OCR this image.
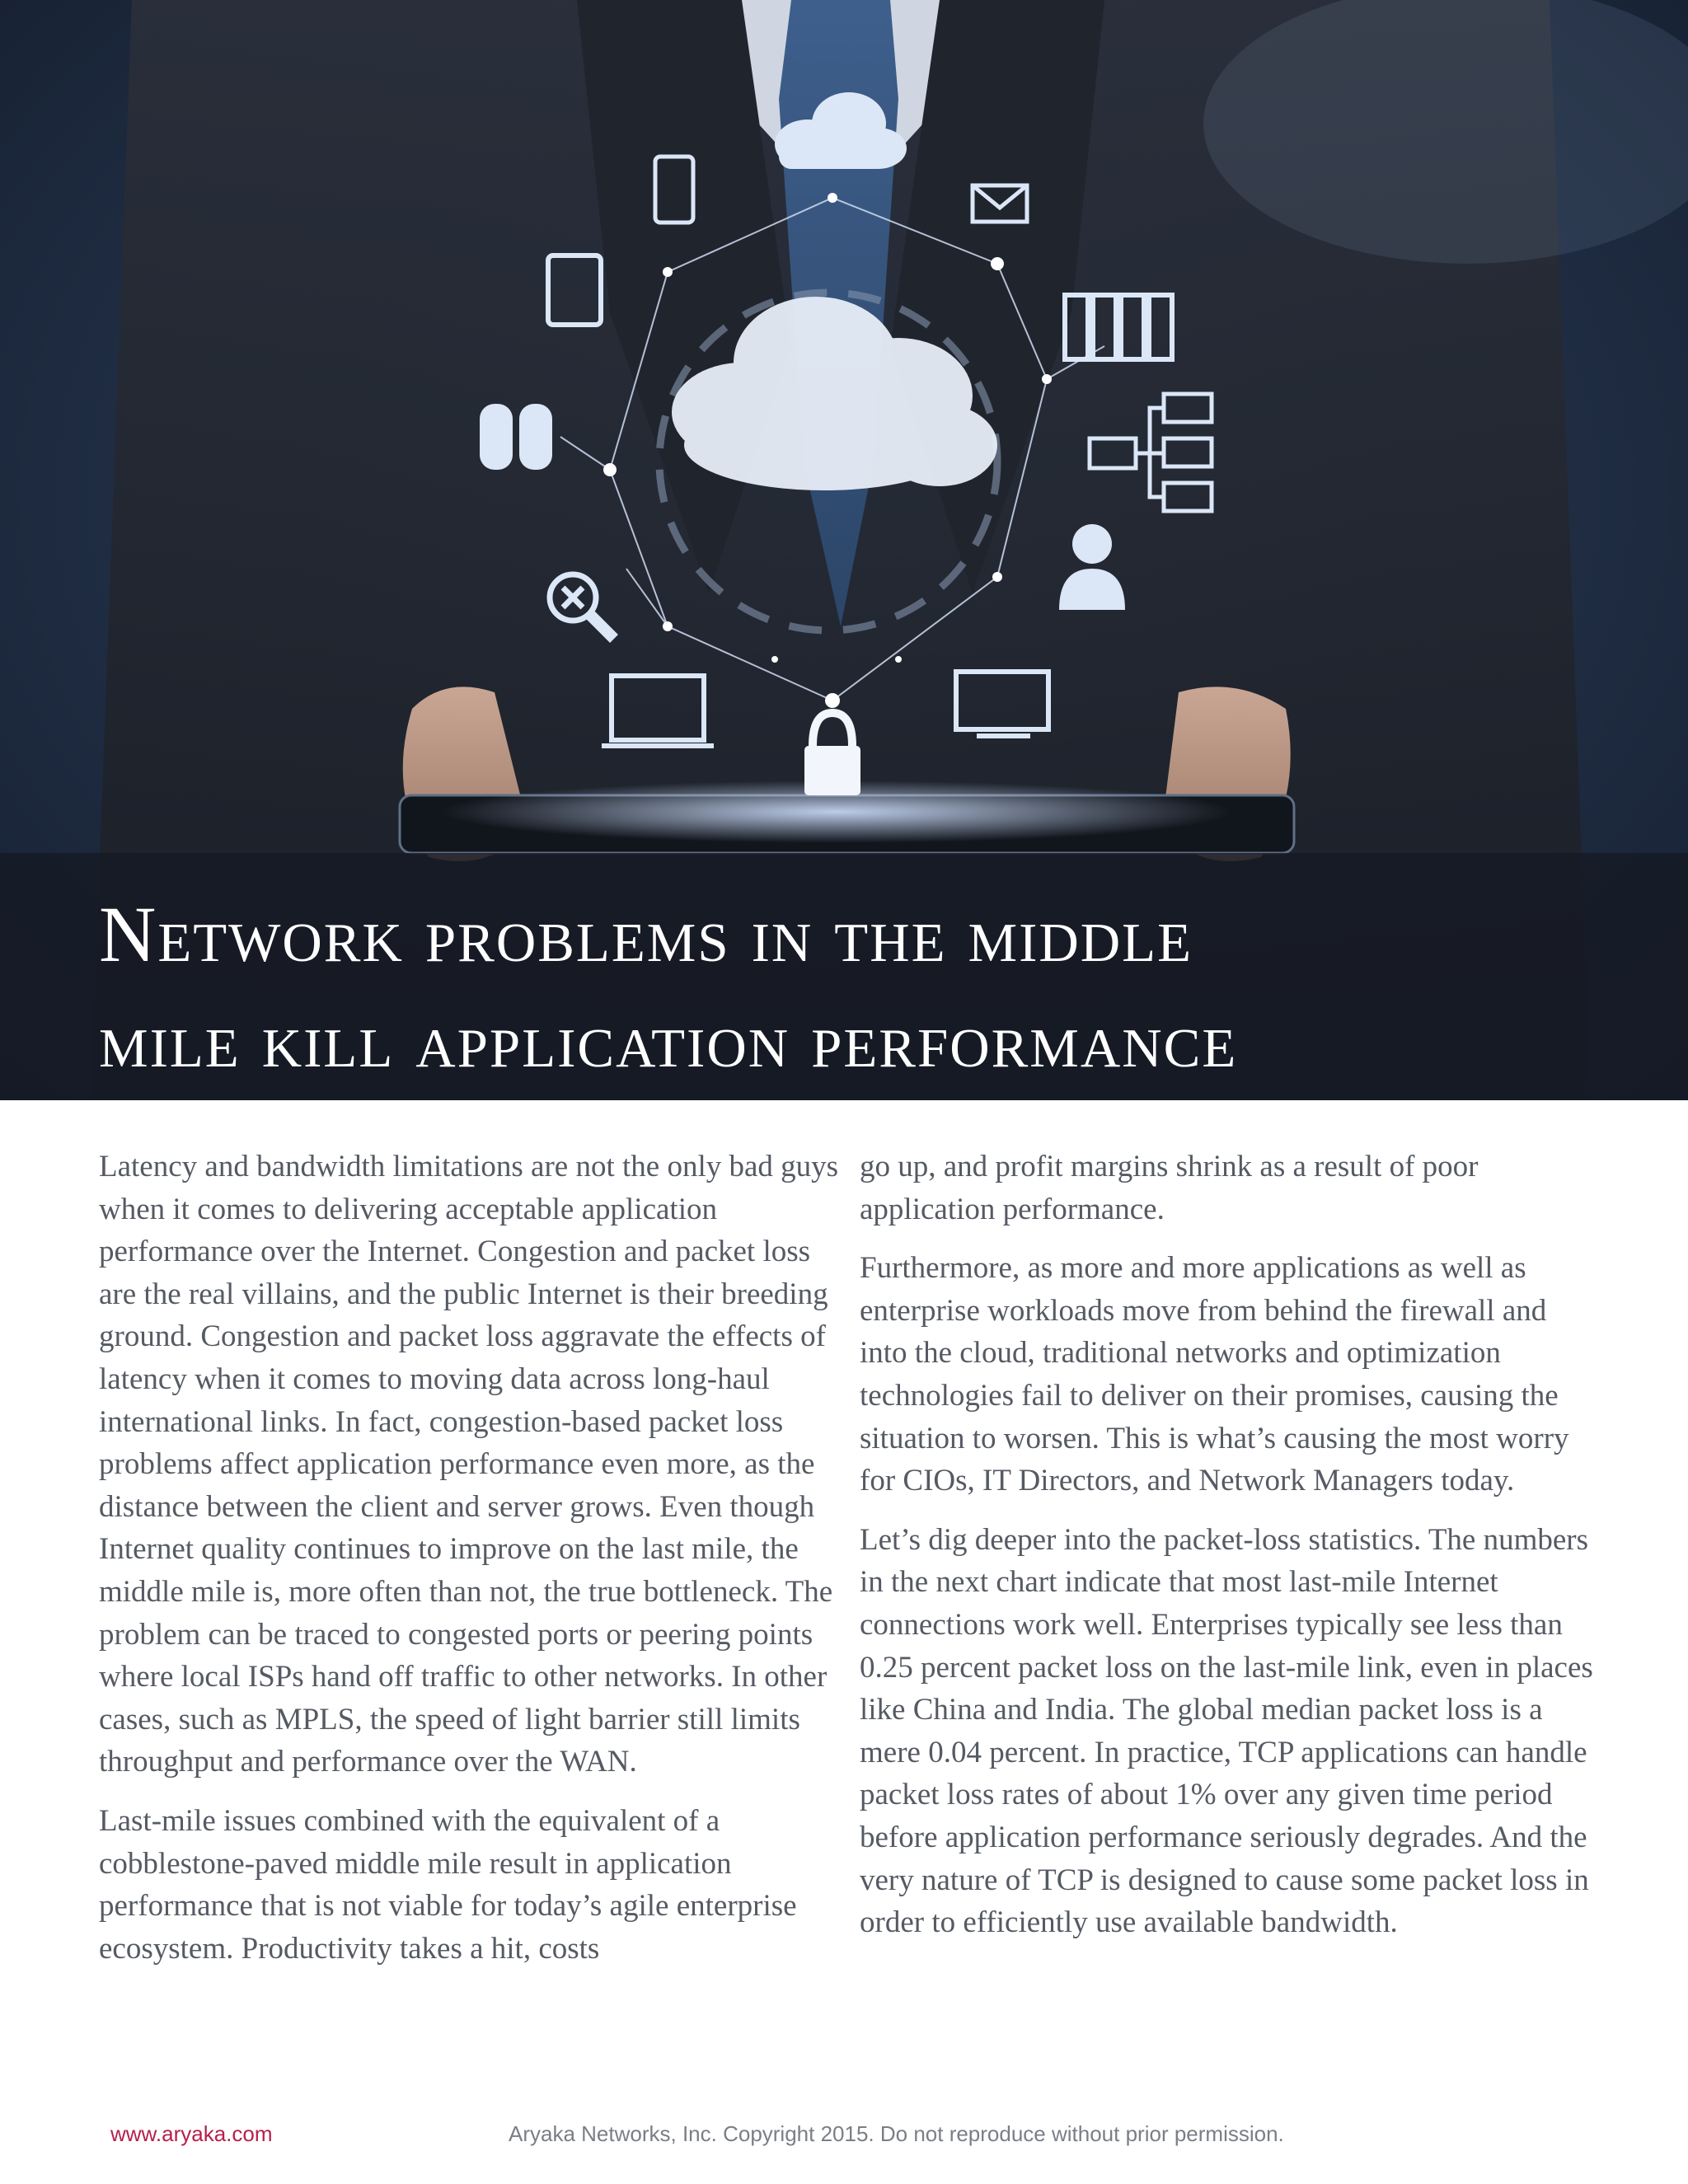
Network problems in the middle
mile kill application performance

Latency and bandwidth limitations are not the only bad guys when it comes to delivering acceptable application performance over the Internet. Congestion and packet loss are the real villains, and the public Internet is their breeding ground. Congestion and packet loss aggravate the effects of latency when it comes to moving data across long-haul international links. In fact, congestion-based packet loss problems affect application performance even more, as the distance between the client and server grows. Even though Internet quality continues to improve on the last mile, the middle mile is, more often than not, the true bottleneck. The problem can be traced to congested ports or peering points where local ISPs hand off traffic to other networks. In other cases, such as MPLS, the speed of light barrier still limits throughput and performance over the WAN.

Last-mile issues combined with the equivalent of a cobblestone-paved middle mile result in application performance that is not viable for today’s agile enterprise ecosystem. Productivity takes a hit, costs

go up, and profit margins shrink as a result of poor application performance.

Furthermore, as more and more applications as well as enterprise workloads move from behind the firewall and into the cloud, traditional networks and optimization technologies fail to deliver on their promises, causing the situation to worsen. This is what’s causing the most worry for CIOs, IT Directors, and Network Managers today.

Let’s dig deeper into the packet-loss statistics. The numbers in the next chart indicate that most last-mile Internet connections work well. Enterprises typically see less than 0.25 percent packet loss on the last-mile link, even in places like China and India. The global median packet loss is a mere 0.04 percent. In practice, TCP applications can handle packet loss rates of about 1% over any given time period before application performance seriously degrades. And the very nature of TCP is designed to cause some packet loss in order to efficiently use available bandwidth.

www.aryaka.com	Aryaka Networks, Inc. Copyright 2015. Do not reproduce without prior permission.
